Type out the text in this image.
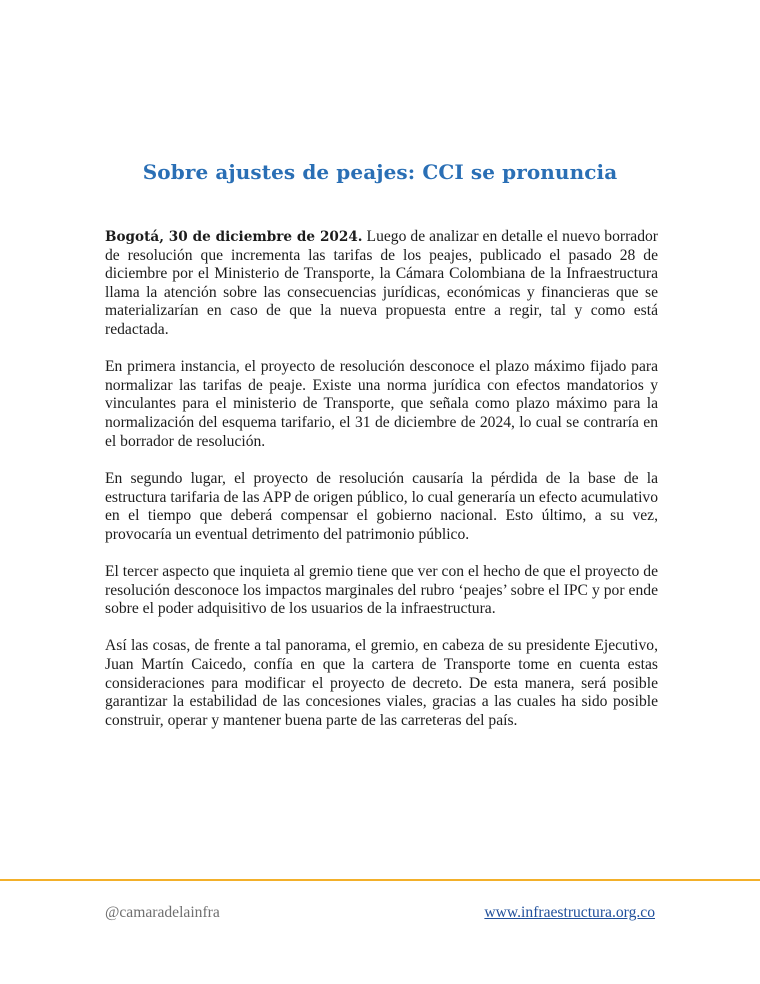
Sobre ajustes de peajes: CCI se pronuncia

Bogotá, 30 de diciembre de 2024. Luego de analizar en detalle el nuevo borrador de resolución que incrementa las tarifas de los peajes, publicado el pasado 28 de diciembre por el Ministerio de Transporte, la Cámara Colombiana de la Infraestructura llama la atención sobre las consecuencias jurídicas, económicas y financieras que se materializarían en caso de que la nueva propuesta entre a regir, tal y como está redactada.

En primera instancia, el proyecto de resolución desconoce el plazo máximo fijado para normalizar las tarifas de peaje. Existe una norma jurídica con efectos mandatorios y vinculantes para el ministerio de Transporte, que señala como plazo máximo para la normalización del esquema tarifario, el 31 de diciembre de 2024, lo cual se contraría en el borrador de resolución.

En segundo lugar, el proyecto de resolución causaría la pérdida de la base de la estructura tarifaria de las APP de origen público, lo cual generaría un efecto acumulativo en el tiempo que deberá compensar el gobierno nacional. Esto último, a su vez, provocaría un eventual detrimento del patrimonio público.

El tercer aspecto que inquieta al gremio tiene que ver con el hecho de que el proyecto de resolución desconoce los impactos marginales del rubro ‘peajes’ sobre el IPC y por ende sobre el poder adquisitivo de los usuarios de la infraestructura.

Así las cosas, de frente a tal panorama, el gremio, en cabeza de su presidente Ejecutivo, Juan Martín Caicedo, confía en que la cartera de Transporte tome en cuenta estas consideraciones para modificar el proyecto de decreto. De esta manera, será posible garantizar la estabilidad de las concesiones viales, gracias a las cuales ha sido posible construir, operar y mantener buena parte de las carreteras del país.

@camaradelainfra	www.infraestructura.org.co
